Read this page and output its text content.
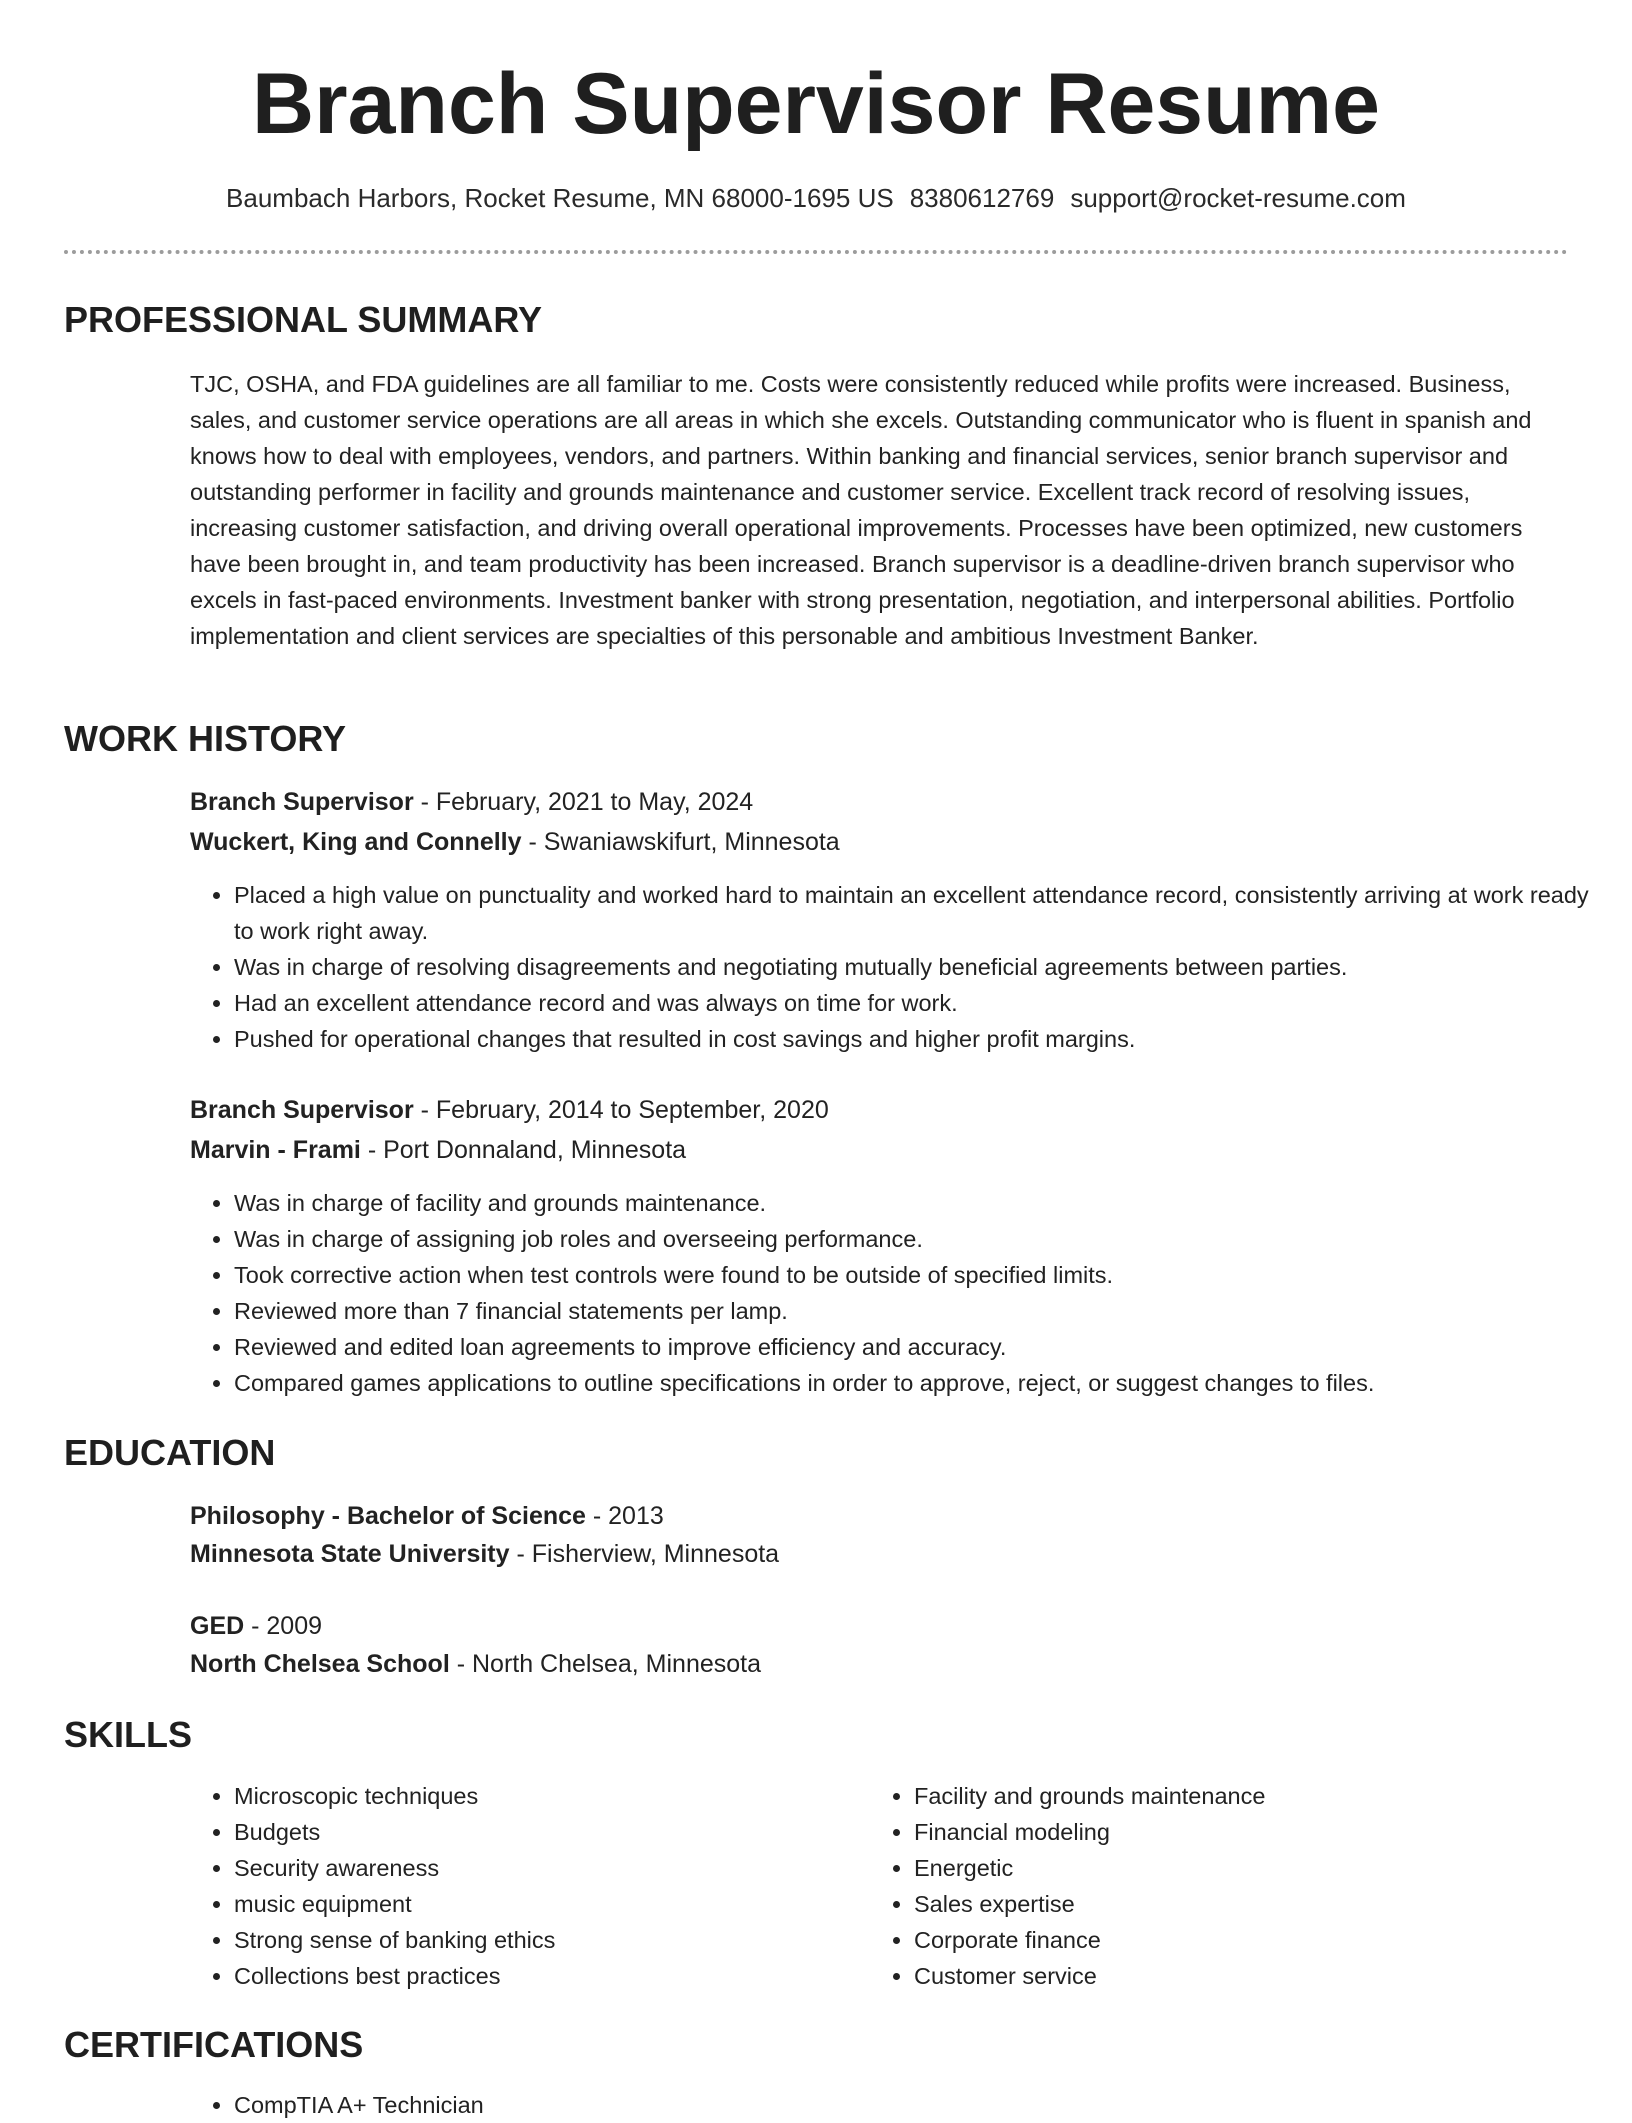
Branch Supervisor Resume
Baumbach Harbors, Rocket Resume, MN 68000-1695 US 8380612769 support@rocket-resume.com
PROFESSIONAL SUMMARY

TJC, OSHA, and FDA guidelines are all familiar to me. Costs were consistently reduced while profits were increased. Business, sales, and customer service operations are all areas in which she excels. Outstanding communicator who is fluent in spanish and knows how to deal with employees, vendors, and partners. Within banking and financial services, senior branch supervisor and outstanding performer in facility and grounds maintenance and customer service. Excellent track record of resolving issues, increasing customer satisfaction, and driving overall operational improvements. Processes have been optimized, new customers have been brought in, and team productivity has been increased. Branch supervisor is a deadline-driven branch supervisor who excels in fast-paced environments. Investment banker with strong presentation, negotiation, and interpersonal abilities. Portfolio implementation and client services are specialties of this personable and ambitious Investment Banker.

WORK HISTORY
Branch Supervisor - February, 2021 to May, 2024
Wuckert, King and Connelly - Swaniawskifurt, Minnesota
• Placed a high value on punctuality and worked hard to maintain an excellent attendance record, consistently arriving at work ready to work right away.
• Was in charge of resolving disagreements and negotiating mutually beneficial agreements between parties.
• Had an excellent attendance record and was always on time for work.
• Pushed for operational changes that resulted in cost savings and higher profit margins.
Branch Supervisor - February, 2014 to September, 2020
Marvin - Frami - Port Donnaland, Minnesota
• Was in charge of facility and grounds maintenance.
• Was in charge of assigning job roles and overseeing performance.
• Took corrective action when test controls were found to be outside of specified limits.
• Reviewed more than 7 financial statements per lamp.
• Reviewed and edited loan agreements to improve efficiency and accuracy.
• Compared games applications to outline specifications in order to approve, reject, or suggest changes to files.
EDUCATION
Philosophy - Bachelor of Science - 2013
Minnesota State University - Fisherview, Minnesota
GED - 2009
North Chelsea School - North Chelsea, Minnesota
SKILLS
• Microscopic techniques
• Budgets
• Security awareness
• music equipment
• Strong sense of banking ethics
• Collections best practices
• Facility and grounds maintenance
• Financial modeling
• Energetic
• Sales expertise
• Corporate finance
• Customer service
CERTIFICATIONS
• CompTIA A+ Technician
